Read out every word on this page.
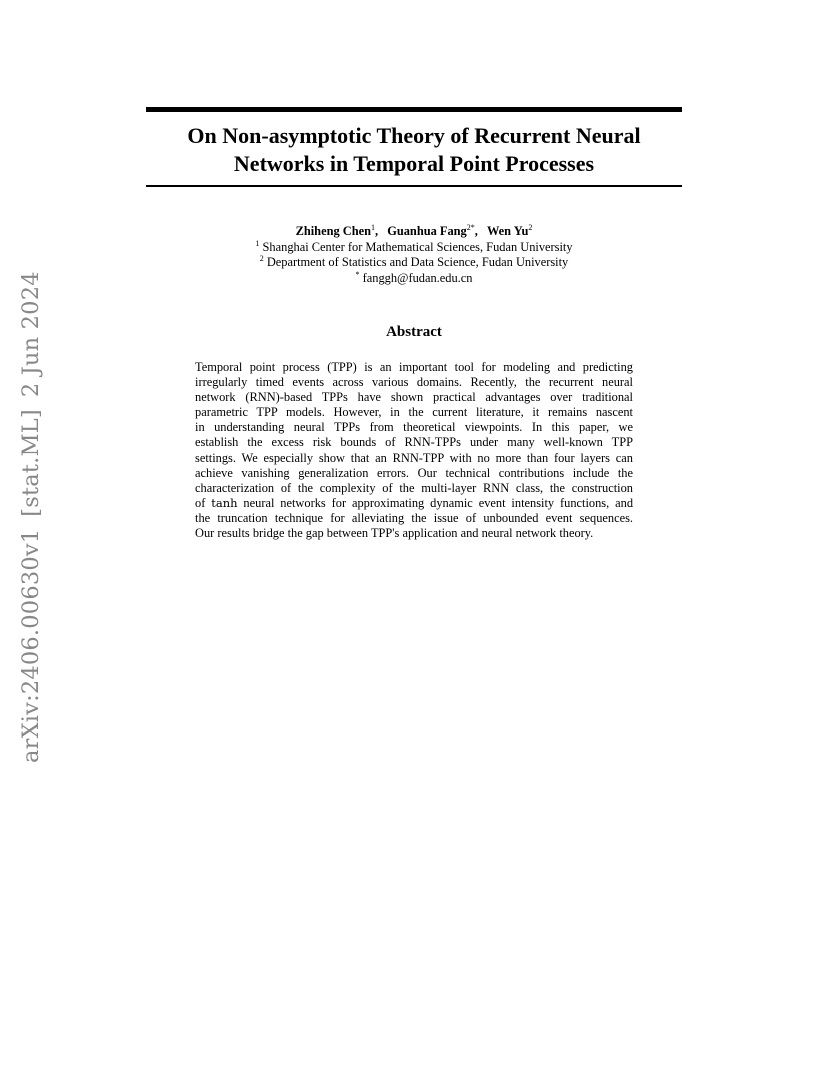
On Non-asymptotic Theory of Recurrent Neural
Networks in Temporal Point Processes
Zhiheng Chen$^1$, Guanhua Fang$^{2*}$, Wen Yu$^2$
$^1$ Shanghai Center for Mathematical Sciences, Fudan University
$^2$ Department of Statistics and Data Science, Fudan University
* fanggh@fudan.edu.cn
Abstract
Temporal point process (TPP) is an important tool for modeling and predicting
irregularly timed events across various domains. Recently, the recurrent neural
network (RNN)-based TPPs have shown practical advantages over traditional
parametric TPP models. However, in the current literature, it remains nascent
in understanding neural TPPs from theoretical viewpoints. In this paper, we
establish the excess risk bounds of RNN-TPPs under many well-known TPP
settings. We especially show that an RNN-TPP with no more than four layers can
achieve vanishing generalization errors. Our technical contributions include the
characterization of the complexity of the multi-layer RNN class, the construction
of tanh neural networks for approximating dynamic event intensity functions, and
the truncation technique for alleviating the issue of unbounded event sequences.
Our results bridge the gap between TPP's application and neural network theory.
arXiv:2406.00630v1[stat.ML]2 Jun 2024
